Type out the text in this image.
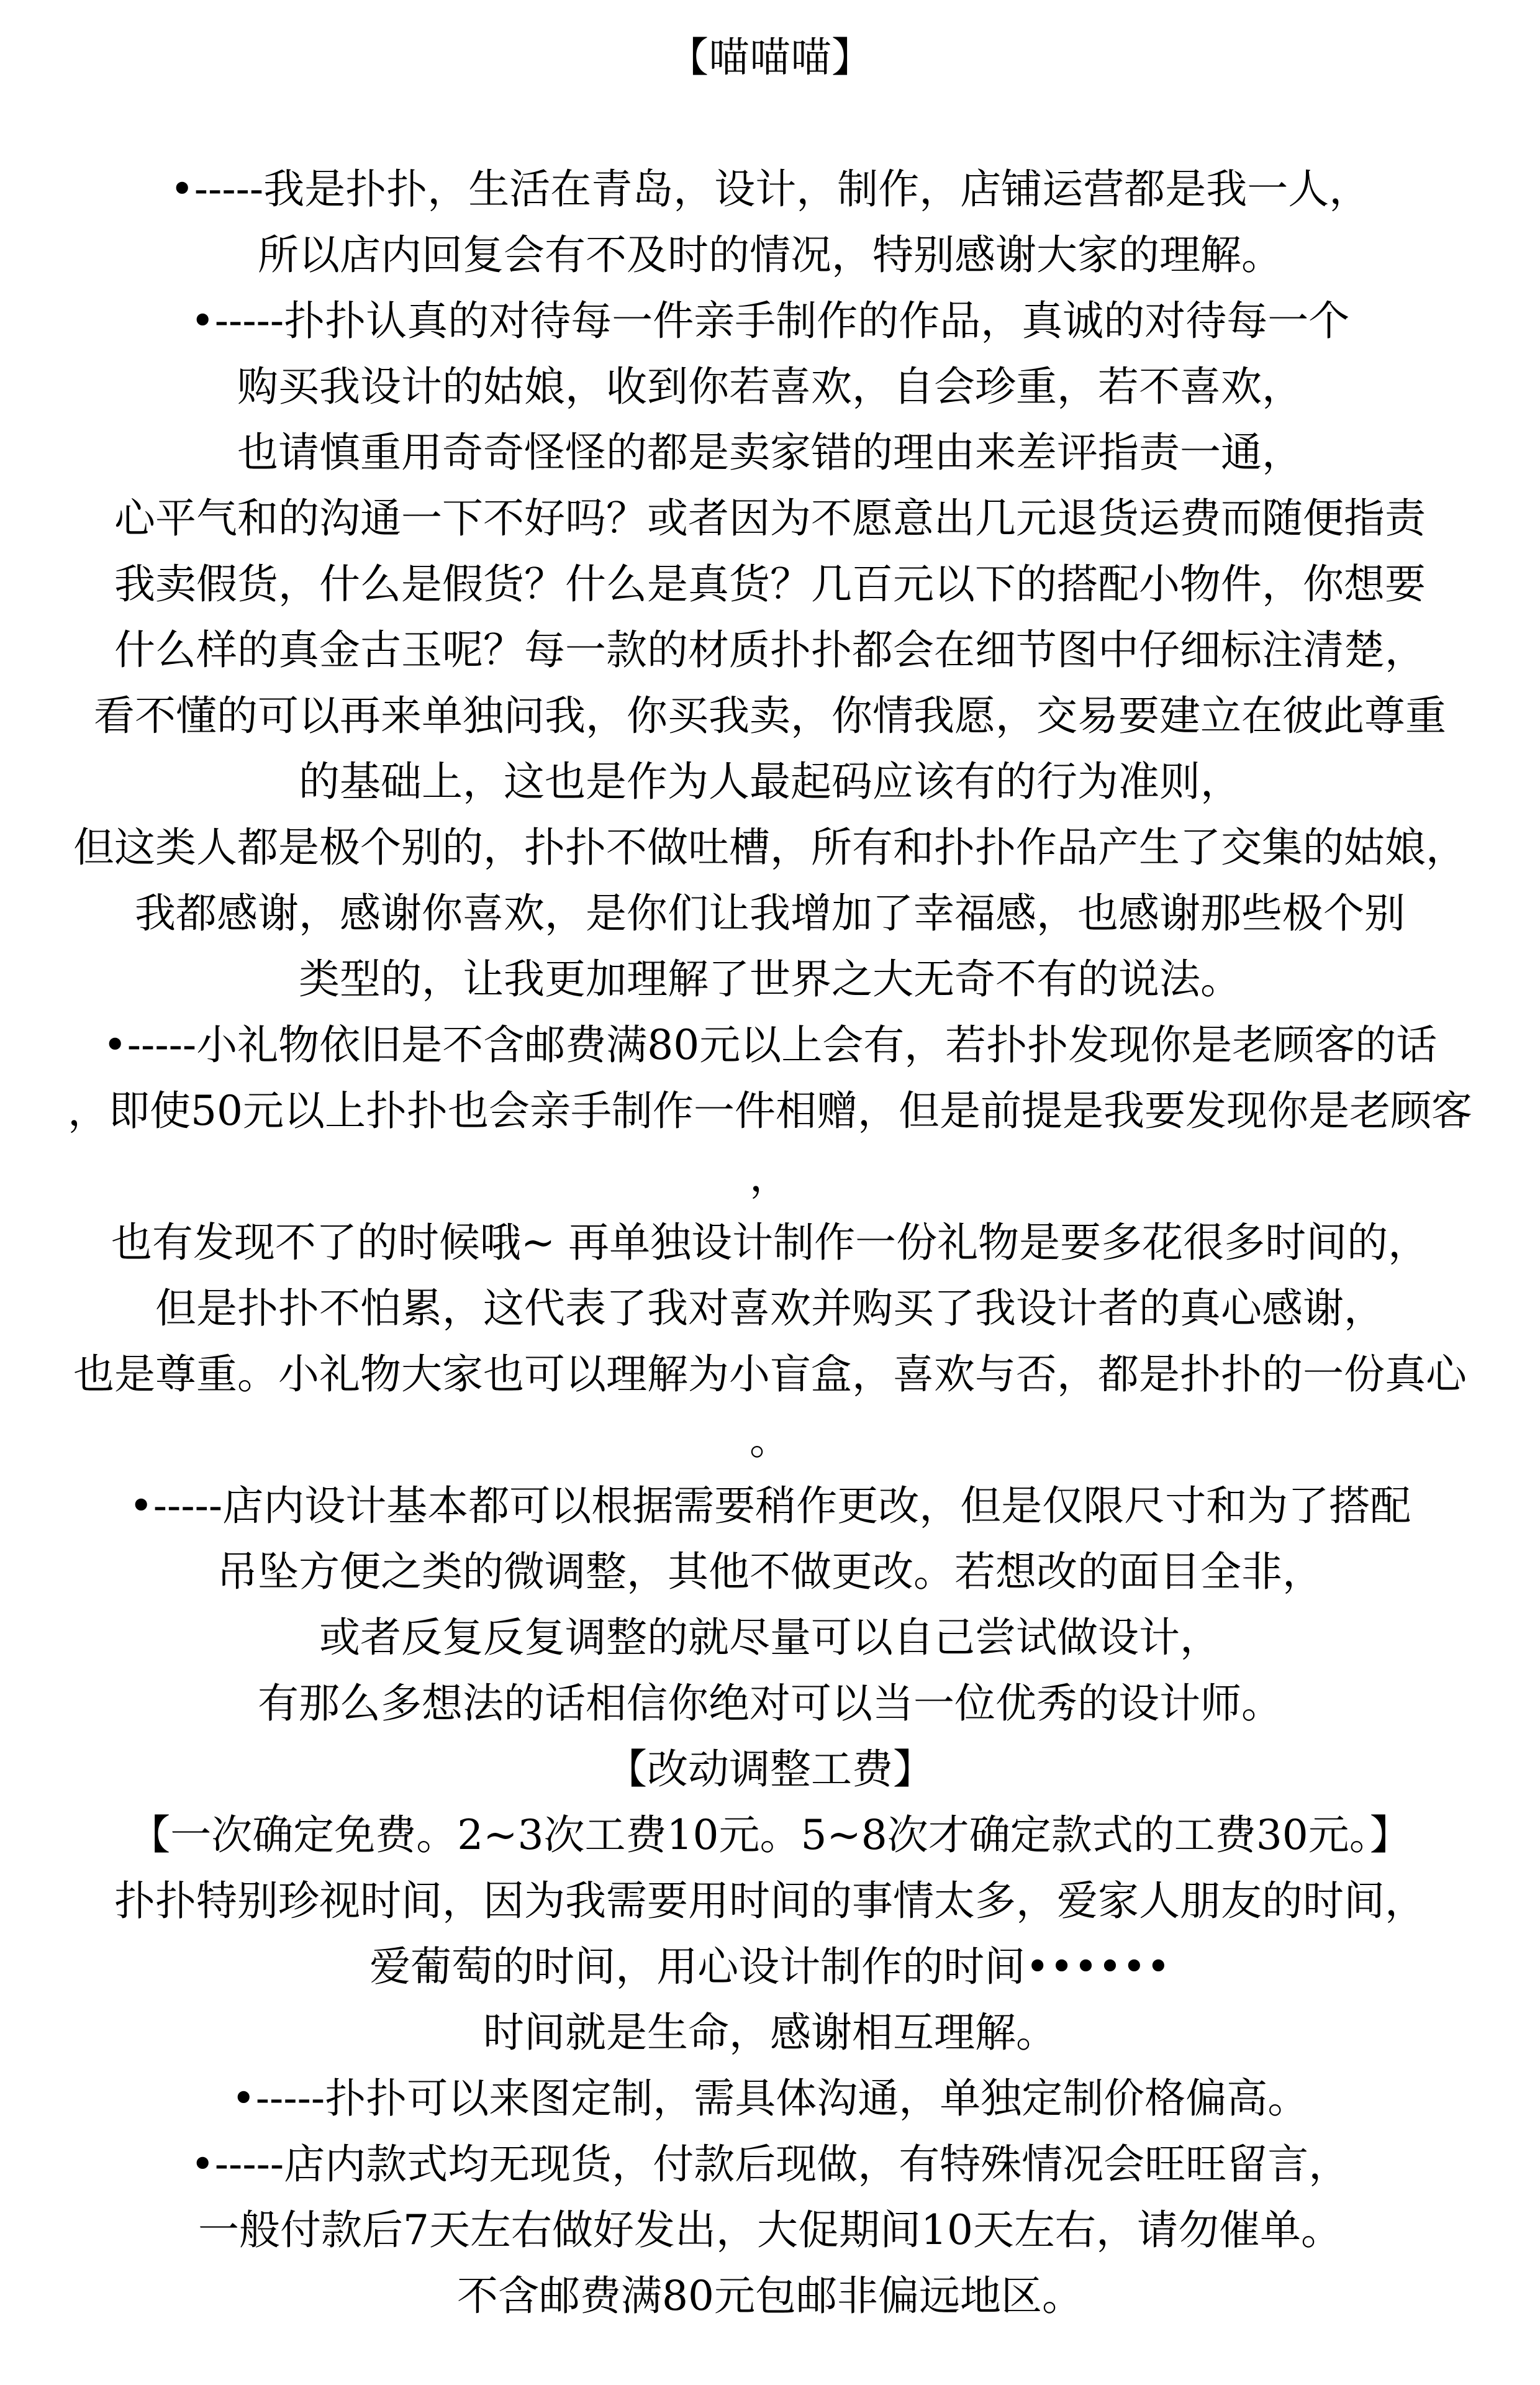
【喵喵喵】
•-----我是扑扑，生活在青岛，设计，制作，店铺运营都是我一人，
所以店内回复会有不及时的情况，特别感谢大家的理解。
•-----扑扑认真的对待每一件亲手制作的作品，真诚的对待每一个
购买我设计的姑娘，收到你若喜欢，自会珍重，若不喜欢，
也请慎重用奇奇怪怪的都是卖家错的理由来差评指责一通，
心平气和的沟通一下不好吗？或者因为不愿意出几元退货运费而随便指责
我卖假货，什么是假货？什么是真货？几百元以下的搭配小物件，你想要
什么样的真金古玉呢？每一款的材质扑扑都会在细节图中仔细标注清楚，
看不懂的可以再来单独问我，你买我卖，你情我愿，交易要建立在彼此尊重
的基础上，这也是作为人最起码应该有的行为准则，
但这类人都是极个别的，扑扑不做吐槽，所有和扑扑作品产生了交集的姑娘，
我都感谢，感谢你喜欢，是你们让我增加了幸福感，也感谢那些极个别
类型的，让我更加理解了世界之大无奇不有的说法。
•-----小礼物依旧是不含邮费满80元以上会有，若扑扑发现你是老顾客的话
，即使50元以上扑扑也会亲手制作一件相赠，但是前提是我要发现你是老顾客
，
也有发现不了的时候哦~ 再单独设计制作一份礼物是要多花很多时间的，
但是扑扑不怕累，这代表了我对喜欢并购买了我设计者的真心感谢，
也是尊重。小礼物大家也可以理解为小盲盒，喜欢与否，都是扑扑的一份真心
。
•-----店内设计基本都可以根据需要稍作更改，但是仅限尺寸和为了搭配
吊坠方便之类的微调整，其他不做更改。若想改的面目全非，
或者反复反复调整的就尽量可以自己尝试做设计，
有那么多想法的话相信你绝对可以当一位优秀的设计师。
【改动调整工费】
【一次确定免费。2~3次工费10元。5~8次才确定款式的工费30元。】
扑扑特别珍视时间，因为我需要用时间的事情太多，爱家人朋友的时间，
爱葡萄的时间，用心设计制作的时间••••••
时间就是生命，感谢相互理解。
•-----扑扑可以来图定制，需具体沟通，单独定制价格偏高。
•-----店内款式均无现货，付款后现做，有特殊情况会旺旺留言，
一般付款后7天左右做好发出，大促期间10天左右，请勿催单。
不含邮费满80元包邮非偏远地区。
